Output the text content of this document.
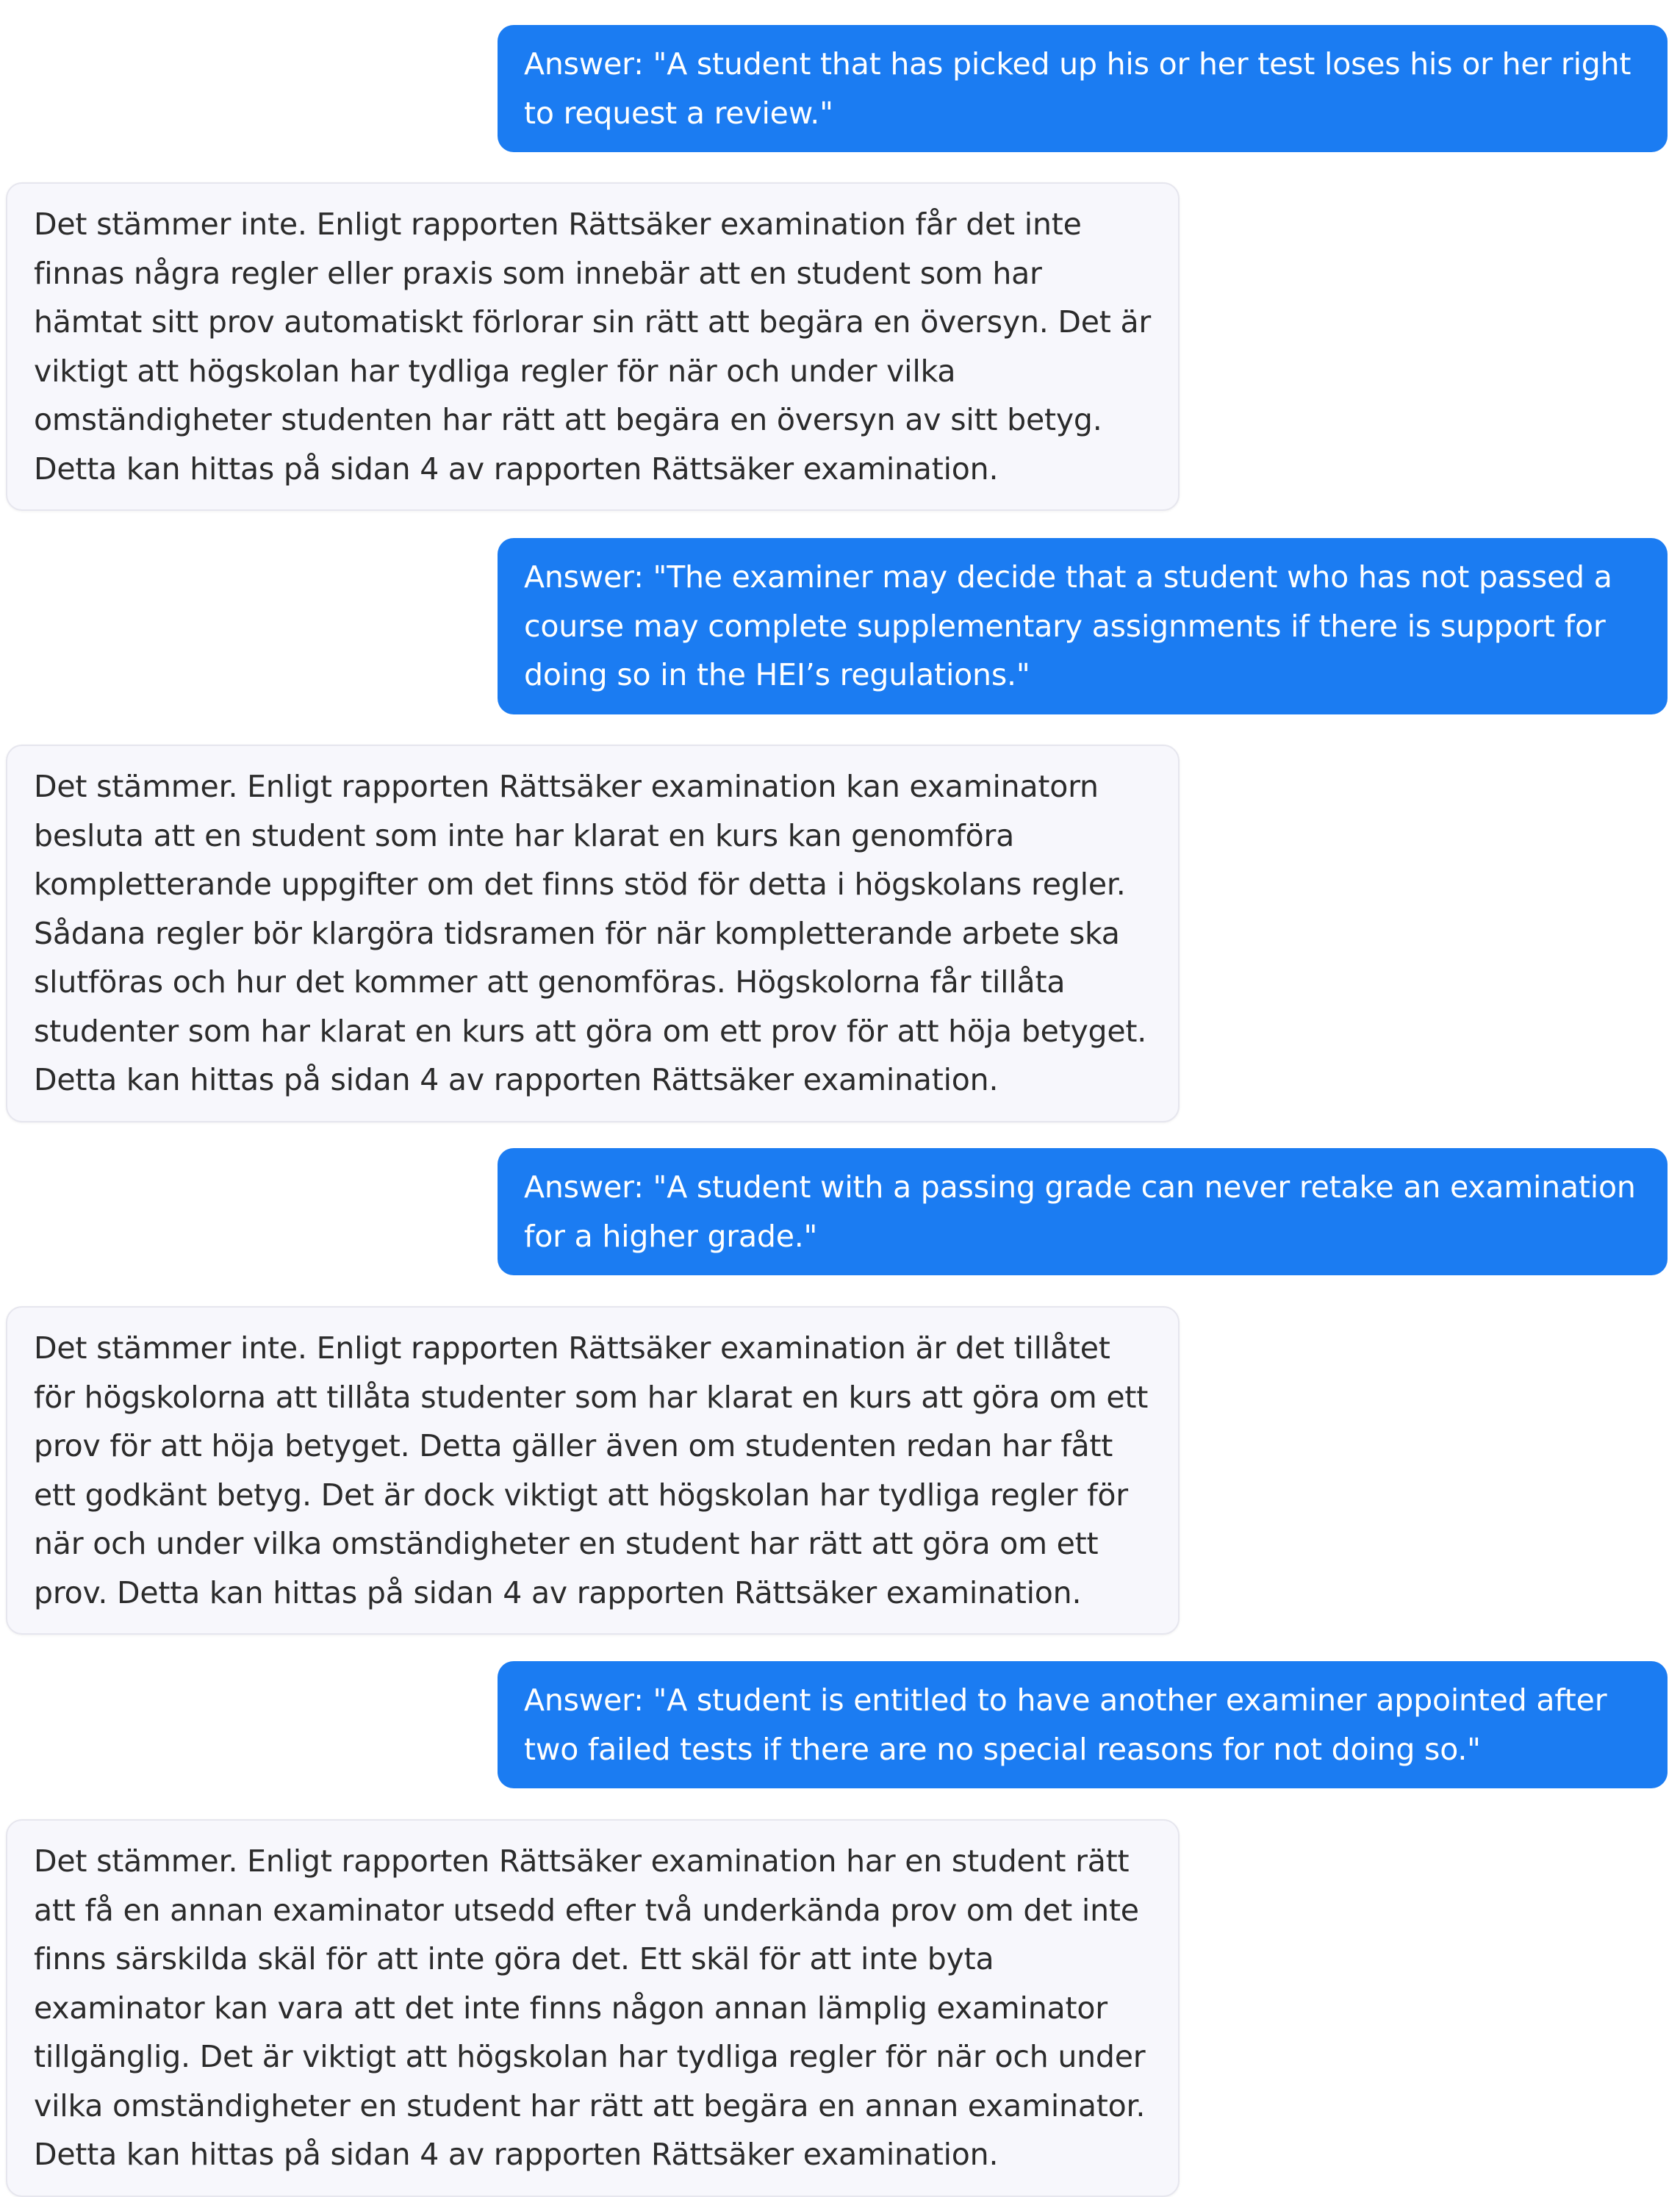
Answer: "A student that has picked up his or her test loses his or her right to request a review."
Det stämmer inte. Enligt rapporten Rättsäker examination får det inte finnas några regler eller praxis som innebär att en student som har hämtat sitt prov automatiskt förlorar sin rätt att begära en översyn. Det är viktigt att högskolan har tydliga regler för när och under vilka omständigheter studenten har rätt att begära en översyn av sitt betyg. Detta kan hittas på sidan 4 av rapporten Rättsäker examination.
Answer: "The examiner may decide that a student who has not passed a course may complete supplementary assignments if there is support for doing so in the HEI’s regulations."
Det stämmer. Enligt rapporten Rättsäker examination kan examinatorn besluta att en student som inte har klarat en kurs kan genomföra kompletterande uppgifter om det finns stöd för detta i högskolans regler. Sådana regler bör klargöra tidsramen för när kompletterande arbete ska slutföras och hur det kommer att genomföras. Högskolorna får tillåta studenter som har klarat en kurs att göra om ett prov för att höja betyget. Detta kan hittas på sidan 4 av rapporten Rättsäker examination.
Answer: "A student with a passing grade can never retake an examination for a higher grade."
Det stämmer inte. Enligt rapporten Rättsäker examination är det tillåtet för högskolorna att tillåta studenter som har klarat en kurs att göra om ett prov för att höja betyget. Detta gäller även om studenten redan har fått ett godkänt betyg. Det är dock viktigt att högskolan har tydliga regler för när och under vilka omständigheter en student har rätt att göra om ett prov. Detta kan hittas på sidan 4 av rapporten Rättsäker examination.
Answer: "A student is entitled to have another examiner appointed after two failed tests if there are no special reasons for not doing so."
Det stämmer. Enligt rapporten Rättsäker examination har en student rätt att få en annan examinator utsedd efter två underkända prov om det inte finns särskilda skäl för att inte göra det. Ett skäl för att inte byta examinator kan vara att det inte finns någon annan lämplig examinator tillgänglig. Det är viktigt att högskolan har tydliga regler för när och under vilka omständigheter en student har rätt att begära en annan examinator. Detta kan hittas på sidan 4 av rapporten Rättsäker examination.
